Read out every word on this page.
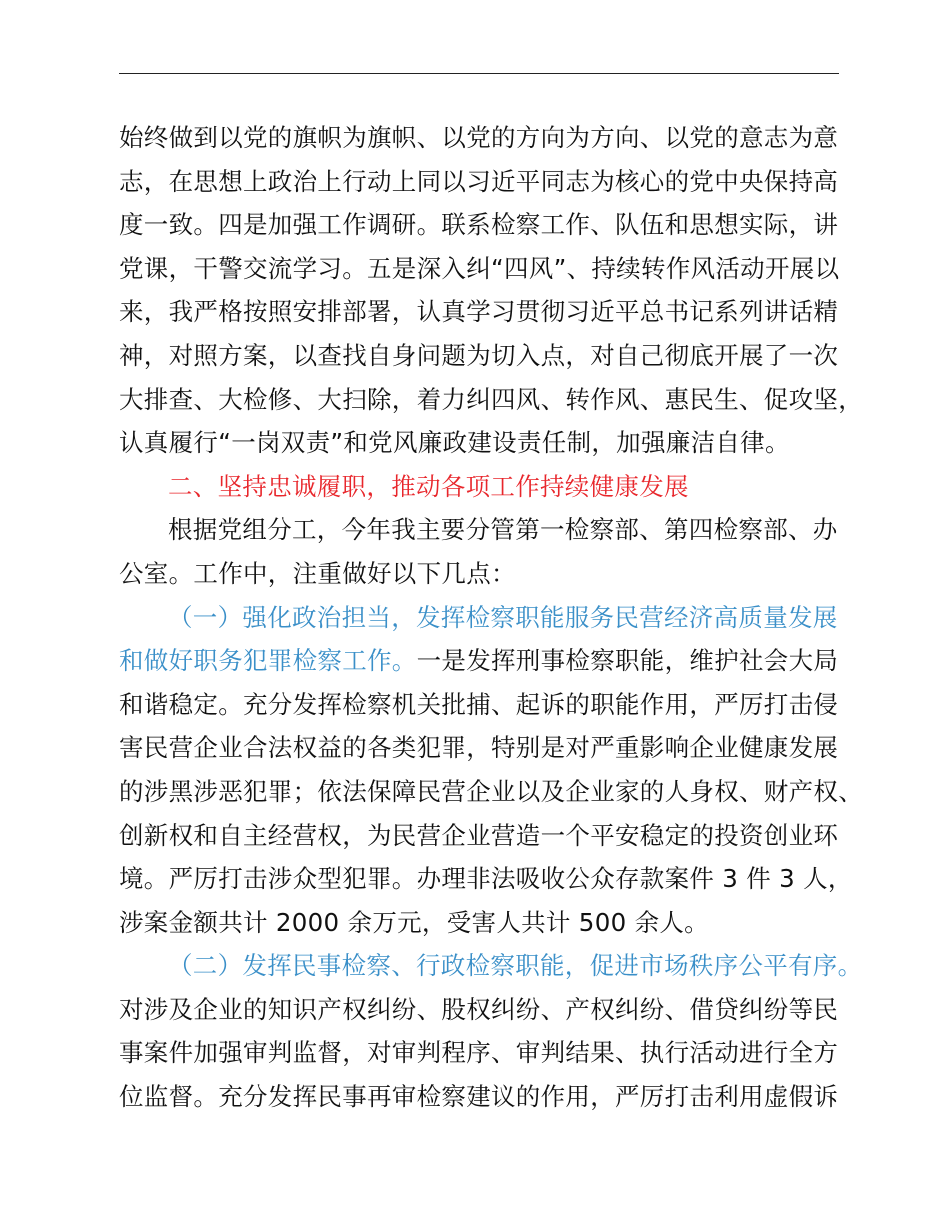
始终做到以党的旗帜为旗帜、以党的方向为方向、以党的意志为意
志，在思想上政治上行动上同以习近平同志为核心的党中央保持高
度一致。四是加强工作调研。联系检察工作、队伍和思想实际，讲
党课，干警交流学习。五是深入纠“四风”、持续转作风活动开展以
来，我严格按照安排部署，认真学习贯彻习近平总书记系列讲话精
神，对照方案，以查找自身问题为切入点，对自己彻底开展了一次
大排查、大检修、大扫除，着力纠四风、转作风、惠民生、促攻坚，
认真履行“一岗双责”和党风廉政建设责任制，加强廉洁自律。
二、坚持忠诚履职，推动各项工作持续健康发展
根据党组分工，今年我主要分管第一检察部、第四检察部、办
公室。工作中，注重做好以下几点：
（一）强化政治担当，发挥检察职能服务民营经济高质量发展
和做好职务犯罪检察工作。一是发挥刑事检察职能，维护社会大局
和谐稳定。充分发挥检察机关批捕、起诉的职能作用，严厉打击侵
害民营企业合法权益的各类犯罪，特别是对严重影响企业健康发展
的涉黑涉恶犯罪；依法保障民营企业以及企业家的人身权、财产权、
创新权和自主经营权，为民营企业营造一个平安稳定的投资创业环
境。严厉打击涉众型犯罪。办理非法吸收公众存款案件 3 件 3 人，
涉案金额共计 2000 余万元，受害人共计 500 余人。
（二）发挥民事检察、行政检察职能，促进市场秩序公平有序。
对涉及企业的知识产权纠纷、股权纠纷、产权纠纷、借贷纠纷等民
事案件加强审判监督，对审判程序、审判结果、执行活动进行全方
位监督。充分发挥民事再审检察建议的作用，严厉打击利用虚假诉
